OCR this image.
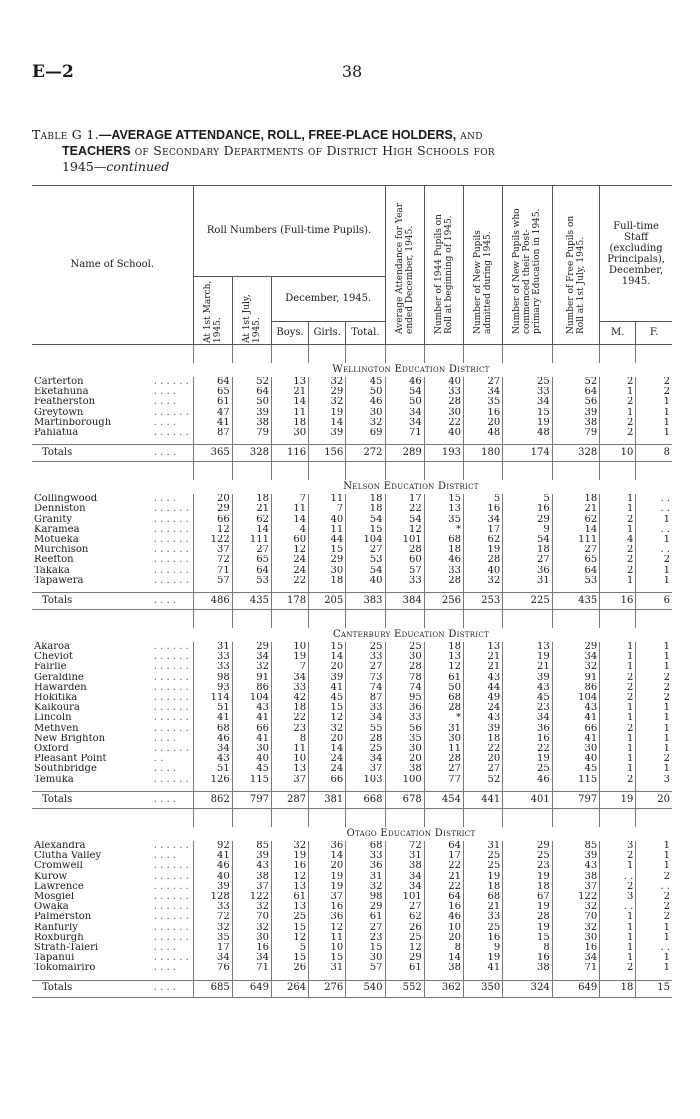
E—2	38
Table G 1.—AVERAGE ATTENDANCE, ROLL, FREE-PLACE HOLDERS, and
TEACHERS of Secondary Departments of District High Schools for
1945—continued
Name of School.		Roll Numbers (Full-time Pupils).					Average Attendance for Year ended December, 1945.	Number of 1944 Pupils on Roll at beginning of 1945.	Number of New Pupils admitted during 1945.	Number of New Pupils who commenced their Post-primary Education in 1945.	Number of Free Pupils on Roll at 1st July, 1945.	Full-time Staff (excluding Principals), December, 1945.	

		At 1st March, 1945.	At 1st July, 1945.	December, 1945.									
				Boys.	Girls.	Total.						M.	F.

Wellington Education District													
Carterton	. . . . . .	64	52	13	32	45	46	40	27	25	52	2	2
Eketahuna	. . . .	65	64	21	29	50	54	33	34	33	64	1	2
Featherston	. . . .	61	50	14	32	46	50	28	35	34	56	2	1
Greytown	. . . . . .	47	39	11	19	30	34	30	16	15	39	1	1
Martinborough	. . . .	41	38	18	14	32	34	22	20	19	38	2	1
Pahiatua	. . . . . .	87	79	30	39	69	71	40	48	48	79	2	1

Totals	. . . .	365	328	116	156	272	289	193	180	174	328	10	8

Nelson Education District													
Collingwood	. . . .	20	18	7	11	18	17	15	5	5	18	1	. .
Denniston	. . . . . .	29	21	11	7	18	22	13	16	16	21	1	. .
Granity	. . . . . .	66	62	14	40	54	54	35	34	29	62	2	1
Karamea	. . . . . .	12	14	4	11	15	12	*	17	9	14	1	. .
Motueka	. . . . . .	122	111	60	44	104	101	68	62	54	111	4	1
Murchison	. . . . . .	37	27	12	15	27	28	18	19	18	27	2	. .
Reefton	. . . . . .	72	65	24	29	53	60	46	28	27	65	2	2
Takaka	. . . . . .	71	64	24	30	54	57	33	40	36	64	2	1
Tapawera	. . . . . .	57	53	22	18	40	33	28	32	31	53	1	1

Totals	. . . .	486	435	178	205	383	384	256	253	225	435	16	6

Canterbury Education District													
Akaroa	. . . . . .	31	29	10	15	25	25	18	13	13	29	1	1
Cheviot	. . . . . .	33	34	19	14	33	30	13	21	19	34	1	1
Fairlie	. . . . . .	33	32	7	20	27	28	12	21	21	32	1	1
Geraldine	. . . . . .	98	91	34	39	73	78	61	43	39	91	2	2
Hawarden	. . . . . .	93	86	33	41	74	74	50	44	43	86	2	2
Hokitika	. . . . . .	114	104	42	45	87	95	68	49	45	104	2	2
Kaikoura	. . . . . .	51	43	18	15	33	36	28	24	23	43	1	1
Lincoln	. . . . . .	41	41	22	12	34	33	*	43	34	41	1	1
Methven	. . . . . .	68	66	23	32	55	56	31	39	36	66	2	1
New Brighton	. . . .	46	41	8	20	28	35	30	18	16	41	1	1
Oxford	. . . . . .	34	30	11	14	25	30	11	22	22	30	1	1
Pleasant Point	. .	43	40	10	24	34	20	28	20	19	40	1	2
Southbridge	. . . .	51	45	13	24	37	38	27	27	25	45	1	1
Temuka	. . . . . .	126	115	37	66	103	100	77	52	46	115	2	3

Totals	. . . .	862	797	287	381	668	678	454	441	401	797	19	20

Otago Education District													
Alexandra	. . . . . .	92	85	32	36	68	72	64	31	29	85	3	1
Clutha Valley	. . . .	41	39	19	14	33	31	17	25	25	39	2	1
Cromwell	. . . . . .	46	43	16	20	36	38	22	25	23	43	1	1
Kurow	. . . . . .	40	38	12	19	31	34	21	19	19	38	. .	2
Lawrence	. . . . . .	39	37	13	19	32	34	22	18	18	37	2	. .
Mosgiel	. . . . . .	128	122	61	37	98	101	64	68	67	122	3	2
Owaka	. . . . . .	33	32	13	16	29	27	16	21	19	32	. .	2
Palmerston	. . . . . .	72	70	25	36	61	62	46	33	28	70	1	2
Ranfurly	. . . . . .	32	32	15	12	27	26	10	25	19	32	1	1
Roxburgh	. . . . . .	35	30	12	11	23	25	20	16	15	30	1	1
Strath-Taieri	. . . .	17	16	5	10	15	12	8	9	8	16	1	. .
Tapanui	. . . . . .	34	34	15	15	30	29	14	19	16	34	1	1
Tokomairiro	. . . .	76	71	26	31	57	61	38	41	38	71	2	1

Totals	. . . .	685	649	264	276	540	552	362	350	324	649	18	15
